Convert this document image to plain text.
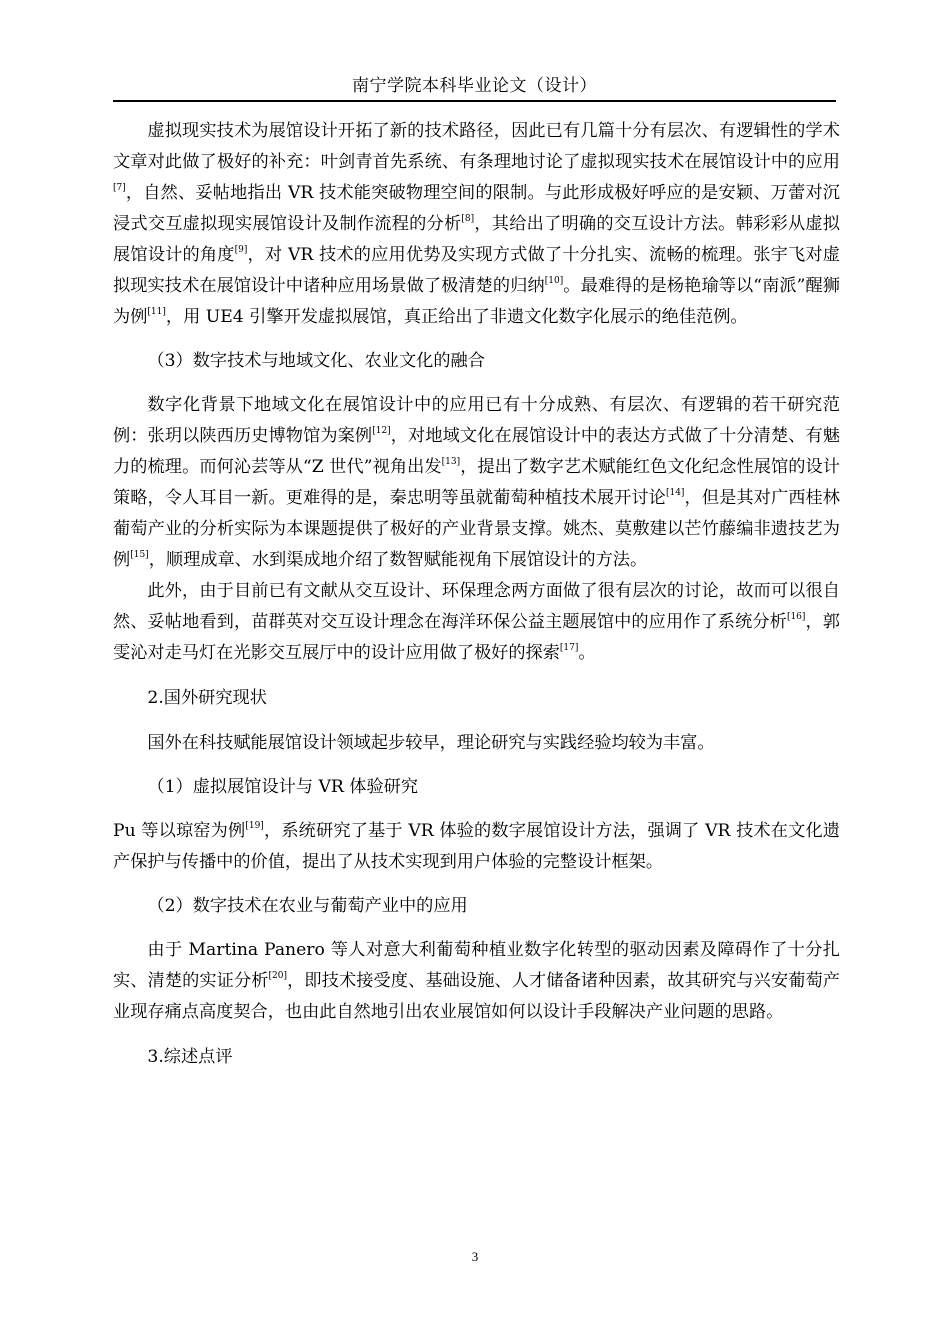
南宁学院本科毕业论文（设计）

虚拟现实技术为展馆设计开拓了新的技术路径，因此已有几篇十分有层次、有逻辑性的学术文章对此做了极好的补充：叶剑青首先系统、有条理地讨论了虚拟现实技术在展馆设计中的应用[7]，自然、妥帖地指出 VR 技术能突破物理空间的限制。与此形成极好呼应的是安颖、万蕾对沉浸式交互虚拟现实展馆设计及制作流程的分析[8]，其给出了明确的交互设计方法。韩彩彩从虚拟展馆设计的角度[9]，对 VR 技术的应用优势及实现方式做了十分扎实、流畅的梳理。张宇飞对虚拟现实技术在展馆设计中诸种应用场景做了极清楚的归纳[10]。最难得的是杨艳瑜等以“南派”醒狮为例[11]，用 UE4 引擎开发虚拟展馆，真正给出了非遗文化数字化展示的绝佳范例。

（3）数字技术与地域文化、农业文化的融合

数字化背景下地域文化在展馆设计中的应用已有十分成熟、有层次、有逻辑的若干研究范例：张玥以陕西历史博物馆为案例[12]，对地域文化在展馆设计中的表达方式做了十分清楚、有魅力的梳理。而何沁芸等从“Z 世代”视角出发[13]，提出了数字艺术赋能红色文化纪念性展馆的设计策略，令人耳目一新。更难得的是，秦忠明等虽就葡萄种植技术展开讨论[14]，但是其对广西桂林葡萄产业的分析实际为本课题提供了极好的产业背景支撑。姚杰、莫敷建以芒竹藤编非遗技艺为例[15]，顺理成章、水到渠成地介绍了数智赋能视角下展馆设计的方法。

此外，由于目前已有文献从交互设计、环保理念两方面做了很有层次的讨论，故而可以很自然、妥帖地看到，苗群英对交互设计理念在海洋环保公益主题展馆中的应用作了系统分析[16]，郭雯沁对走马灯在光影交互展厅中的设计应用做了极好的探索[17]。

2.国外研究现状

国外在科技赋能展馆设计领域起步较早，理论研究与实践经验均较为丰富。

（1）虚拟展馆设计与 VR 体验研究

Pu 等以琼窑为例[19]，系统研究了基于 VR 体验的数字展馆设计方法，强调了 VR 技术在文化遗产保护与传播中的价值，提出了从技术实现到用户体验的完整设计框架。

（2）数字技术在农业与葡萄产业中的应用

由于 Martina Panero 等人对意大利葡萄种植业数字化转型的驱动因素及障碍作了十分扎实、清楚的实证分析[20]，即技术接受度、基础设施、人才储备诸种因素，故其研究与兴安葡萄产业现存痛点高度契合，也由此自然地引出农业展馆如何以设计手段解决产业问题的思路。

3.综述点评

3
